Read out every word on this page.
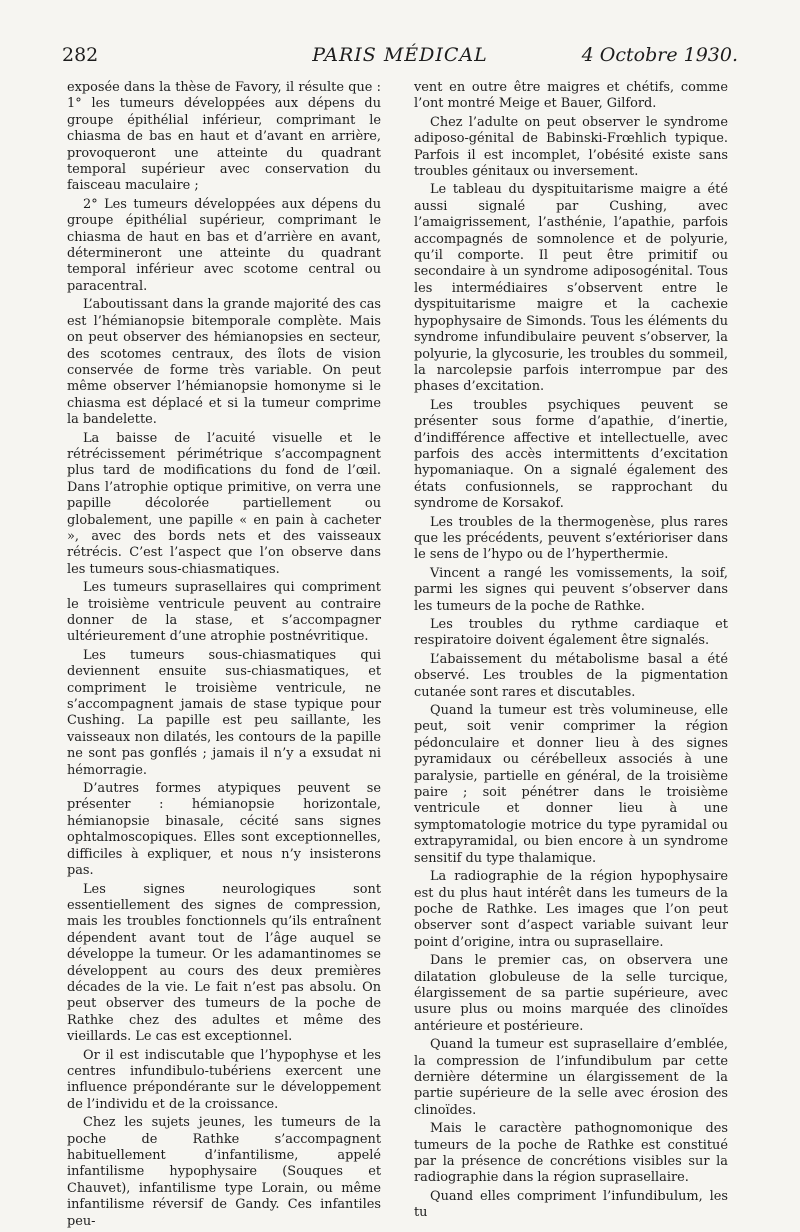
282	PARIS MÉDICAL	4 Octobre 1930.

exposée dans la thèse de Favory, il résulte que : 1° les tumeurs développées aux dépens du groupe épithélial inférieur, comprimant le chiasma de bas en haut et d’avant en arrière, provoqueront une atteinte du quadrant temporal supérieur avec conservation du faisceau maculaire ;

2° Les tumeurs développées aux dépens du groupe épithélial supérieur, comprimant le chiasma de haut en bas et d’arrière en avant, détermineront une atteinte du quadrant temporal inférieur avec scotome central ou paracentral.

L’aboutissant dans la grande majorité des cas est l’hémianopsie bitemporale complète. Mais on peut observer des hémianopsies en secteur, des scotomes centraux, des îlots de vision conservée de forme très variable. On peut même observer l’hémianopsie homonyme si le chiasma est déplacé et si la tumeur comprime la bandelette.

La baisse de l’acuité visuelle et le rétrécissement périmétrique s’accompagnent plus tard de modifications du fond de l’œil. Dans l’atrophie optique primitive, on verra une papille décolorée partiellement ou globalement, une papille « en pain à cacheter », avec des bords nets et des vaisseaux rétrécis. C’est l’aspect que l’on observe dans les tumeurs sous-chiasmatiques.

Les tumeurs suprasellaires qui compriment le troisième ventricule peuvent au contraire donner de la stase, et s’accompagner ultérieurement d’une atrophie postnévritique.

Les tumeurs sous-chiasmatiques qui deviennent ensuite sus-chiasmatiques, et compriment le troisième ventricule, ne s’accompagnent jamais de stase typique pour Cushing. La papille est peu saillante, les vaisseaux non dilatés, les contours de la papille ne sont pas gonflés ; jamais il n’y a exsudat ni hémorragie.

D’autres formes atypiques peuvent se présenter : hémianopsie horizontale, hémianopsie binasale, cécité sans signes ophtalmoscopiques. Elles sont exceptionnelles, difficiles à expliquer, et nous n’y insisterons pas.

Les signes neurologiques sont essentiellement des signes de compression, mais les troubles fonctionnels qu’ils entraînent dépendent avant tout de l’âge auquel se développe la tumeur. Or les adamantinomes se développent au cours des deux premières décades de la vie. Le fait n’est pas absolu. On peut observer des tumeurs de la poche de Rathke chez des adultes et même des vieillards. Le cas est exceptionnel.

Or il est indiscutable que l’hypophyse et les centres infundibulo-tubériens exercent une influence prépondérante sur le développement de l’individu et de la croissance.

Chez les sujets jeunes, les tumeurs de la poche de Rathke s’accompagnent habituellement d’infantilisme, appelé infantilisme hypophysaire (Souques et Chauvet), infantilisme type Lorain, ou même infantilisme réversif de Gandy. Ces infantiles peu-

vent en outre être maigres et chétifs, comme l’ont montré Meige et Bauer, Gilford.

Chez l’adulte on peut observer le syndrome adiposo-génital de Babinski-Frœhlich typique. Parfois il est incomplet, l’obésité existe sans troubles génitaux ou inversement.

Le tableau du dyspituitarisme maigre a été aussi signalé par Cushing, avec l’amaigrissement, l’asthénie, l’apathie, parfois accompagnés de somnolence et de polyurie, qu’il comporte. Il peut être primitif ou secondaire à un syndrome adiposogénital. Tous les intermédiaires s’observent entre le dyspituitarisme maigre et la cachexie hypophysaire de Simonds. Tous les éléments du syndrome infundibulaire peuvent s’observer, la polyurie, la glycosurie, les troubles du sommeil, la narcolepsie parfois interrompue par des phases d’excitation.

Les troubles psychiques peuvent se présenter sous forme d’apathie, d’inertie, d’indifférence affective et intellectuelle, avec parfois des accès intermittents d’excitation hypomaniaque. On a signalé également des états confusionnels, se rapprochant du syndrome de Korsakof.

Les troubles de la thermogenèse, plus rares que les précédents, peuvent s’extérioriser dans le sens de l’hypo ou de l’hyperthermie.

Vincent a rangé les vomissements, la soif, parmi les signes qui peuvent s’observer dans les tumeurs de la poche de Rathke.

Les troubles du rythme cardiaque et respiratoire doivent également être signalés.

L’abaissement du métabolisme basal a été observé. Les troubles de la pigmentation cutanée sont rares et discutables.

Quand la tumeur est très volumineuse, elle peut, soit venir comprimer la région pédonculaire et donner lieu à des signes pyramidaux ou cérébelleux associés à une paralysie, partielle en général, de la troisième paire ; soit pénétrer dans le troisième ventricule et donner lieu à une symptomatologie motrice du type pyramidal ou extrapyramidal, ou bien encore à un syndrome sensitif du type thalamique.

La radiographie de la région hypophysaire est du plus haut intérêt dans les tumeurs de la poche de Rathke. Les images que l’on peut observer sont d’aspect variable suivant leur point d’origine, intra ou suprasellaire.

Dans le premier cas, on observera une dilatation globuleuse de la selle turcique, élargissement de sa partie supérieure, avec usure plus ou moins marquée des clinoïdes antérieure et postérieure.

Quand la tumeur est suprasellaire d’emblée, la compression de l’infundibulum par cette dernière détermine un élargissement de la partie supérieure de la selle avec érosion des clinoïdes.

Mais le caractère pathognomonique des tumeurs de la poche de Rathke est constitué par la présence de concrétions visibles sur la radiographie dans la région suprasellaire.

Quand elles compriment l’infundibulum, les tu
